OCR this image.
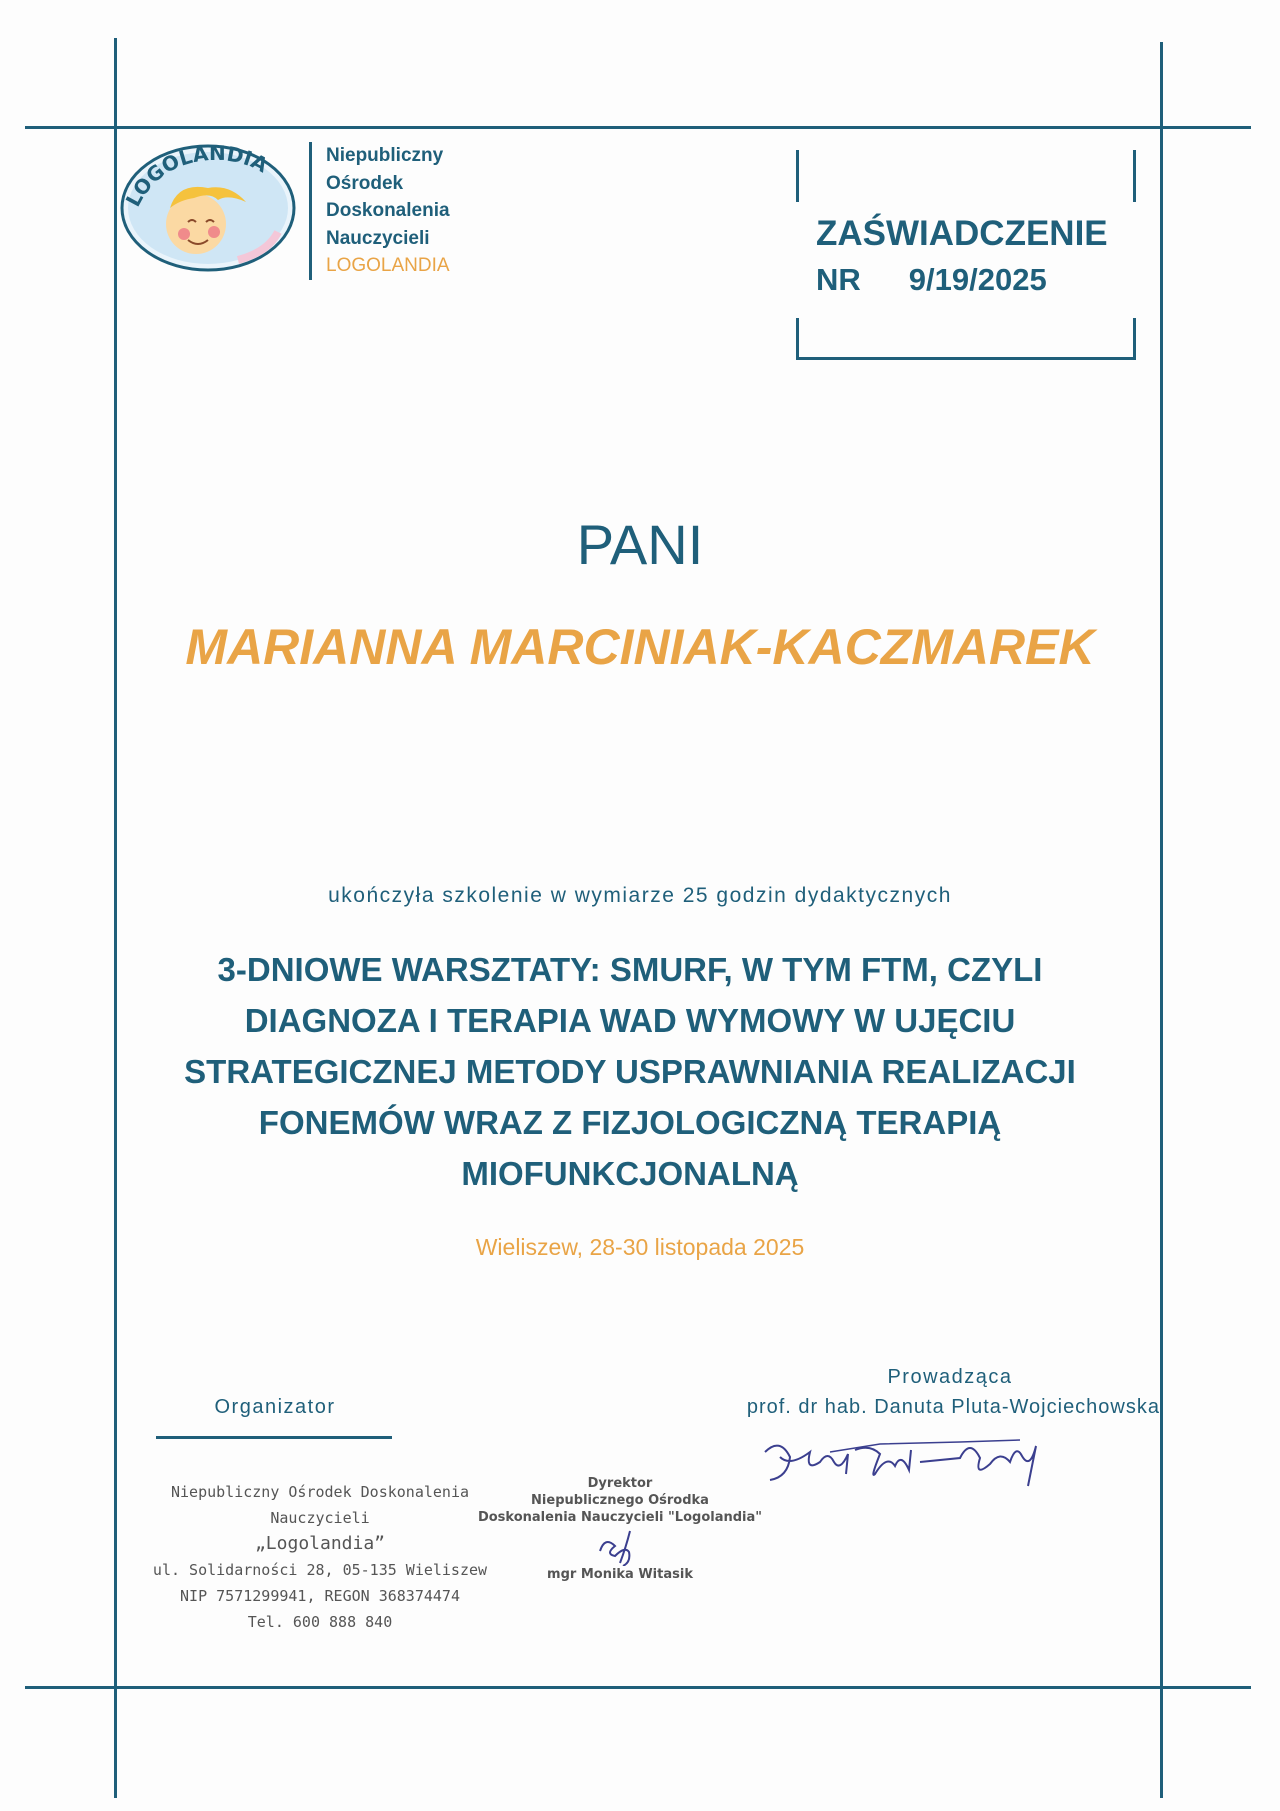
LOGOLANDIA	Niepubliczny
Ośrodek
Doskonalenia
Nauczycieli
LOGOLANDIA
ZAŚWIADCZENIE
NR 9/19/2025
PANI
MARIANNA MARCINIAK-KACZMAREK
ukończyła szkolenie w wymiarze 25 godzin dydaktycznych
3-DNIOWE WARSZTATY: SMURF, W TYM FTM, CZYLI
DIAGNOZA I TERAPIA WAD WYMOWY W UJĘCIU
STRATEGICZNEJ METODY USPRAWNIANIA REALIZACJI
FONEMÓW WRAZ Z FIZJOLOGICZNĄ TERAPIĄ
MIOFUNKCJONALNĄ
Wieliszew, 28-30 listopada 2025
Prowadząca
prof. dr hab. Danuta Pluta-Wojciechowska
Organizator
Niepubliczny Ośrodek Doskonalenia Nauczycieli
„Logolandia”
ul. Solidarności 28, 05-135 Wieliszew
NIP 7571299941, REGON 368374474
Tel. 600 888 840
Dyrektor
Niepublicznego Ośrodka
Doskonalenia Nauczycieli "Logolandia"
mgr Monika Witasik
